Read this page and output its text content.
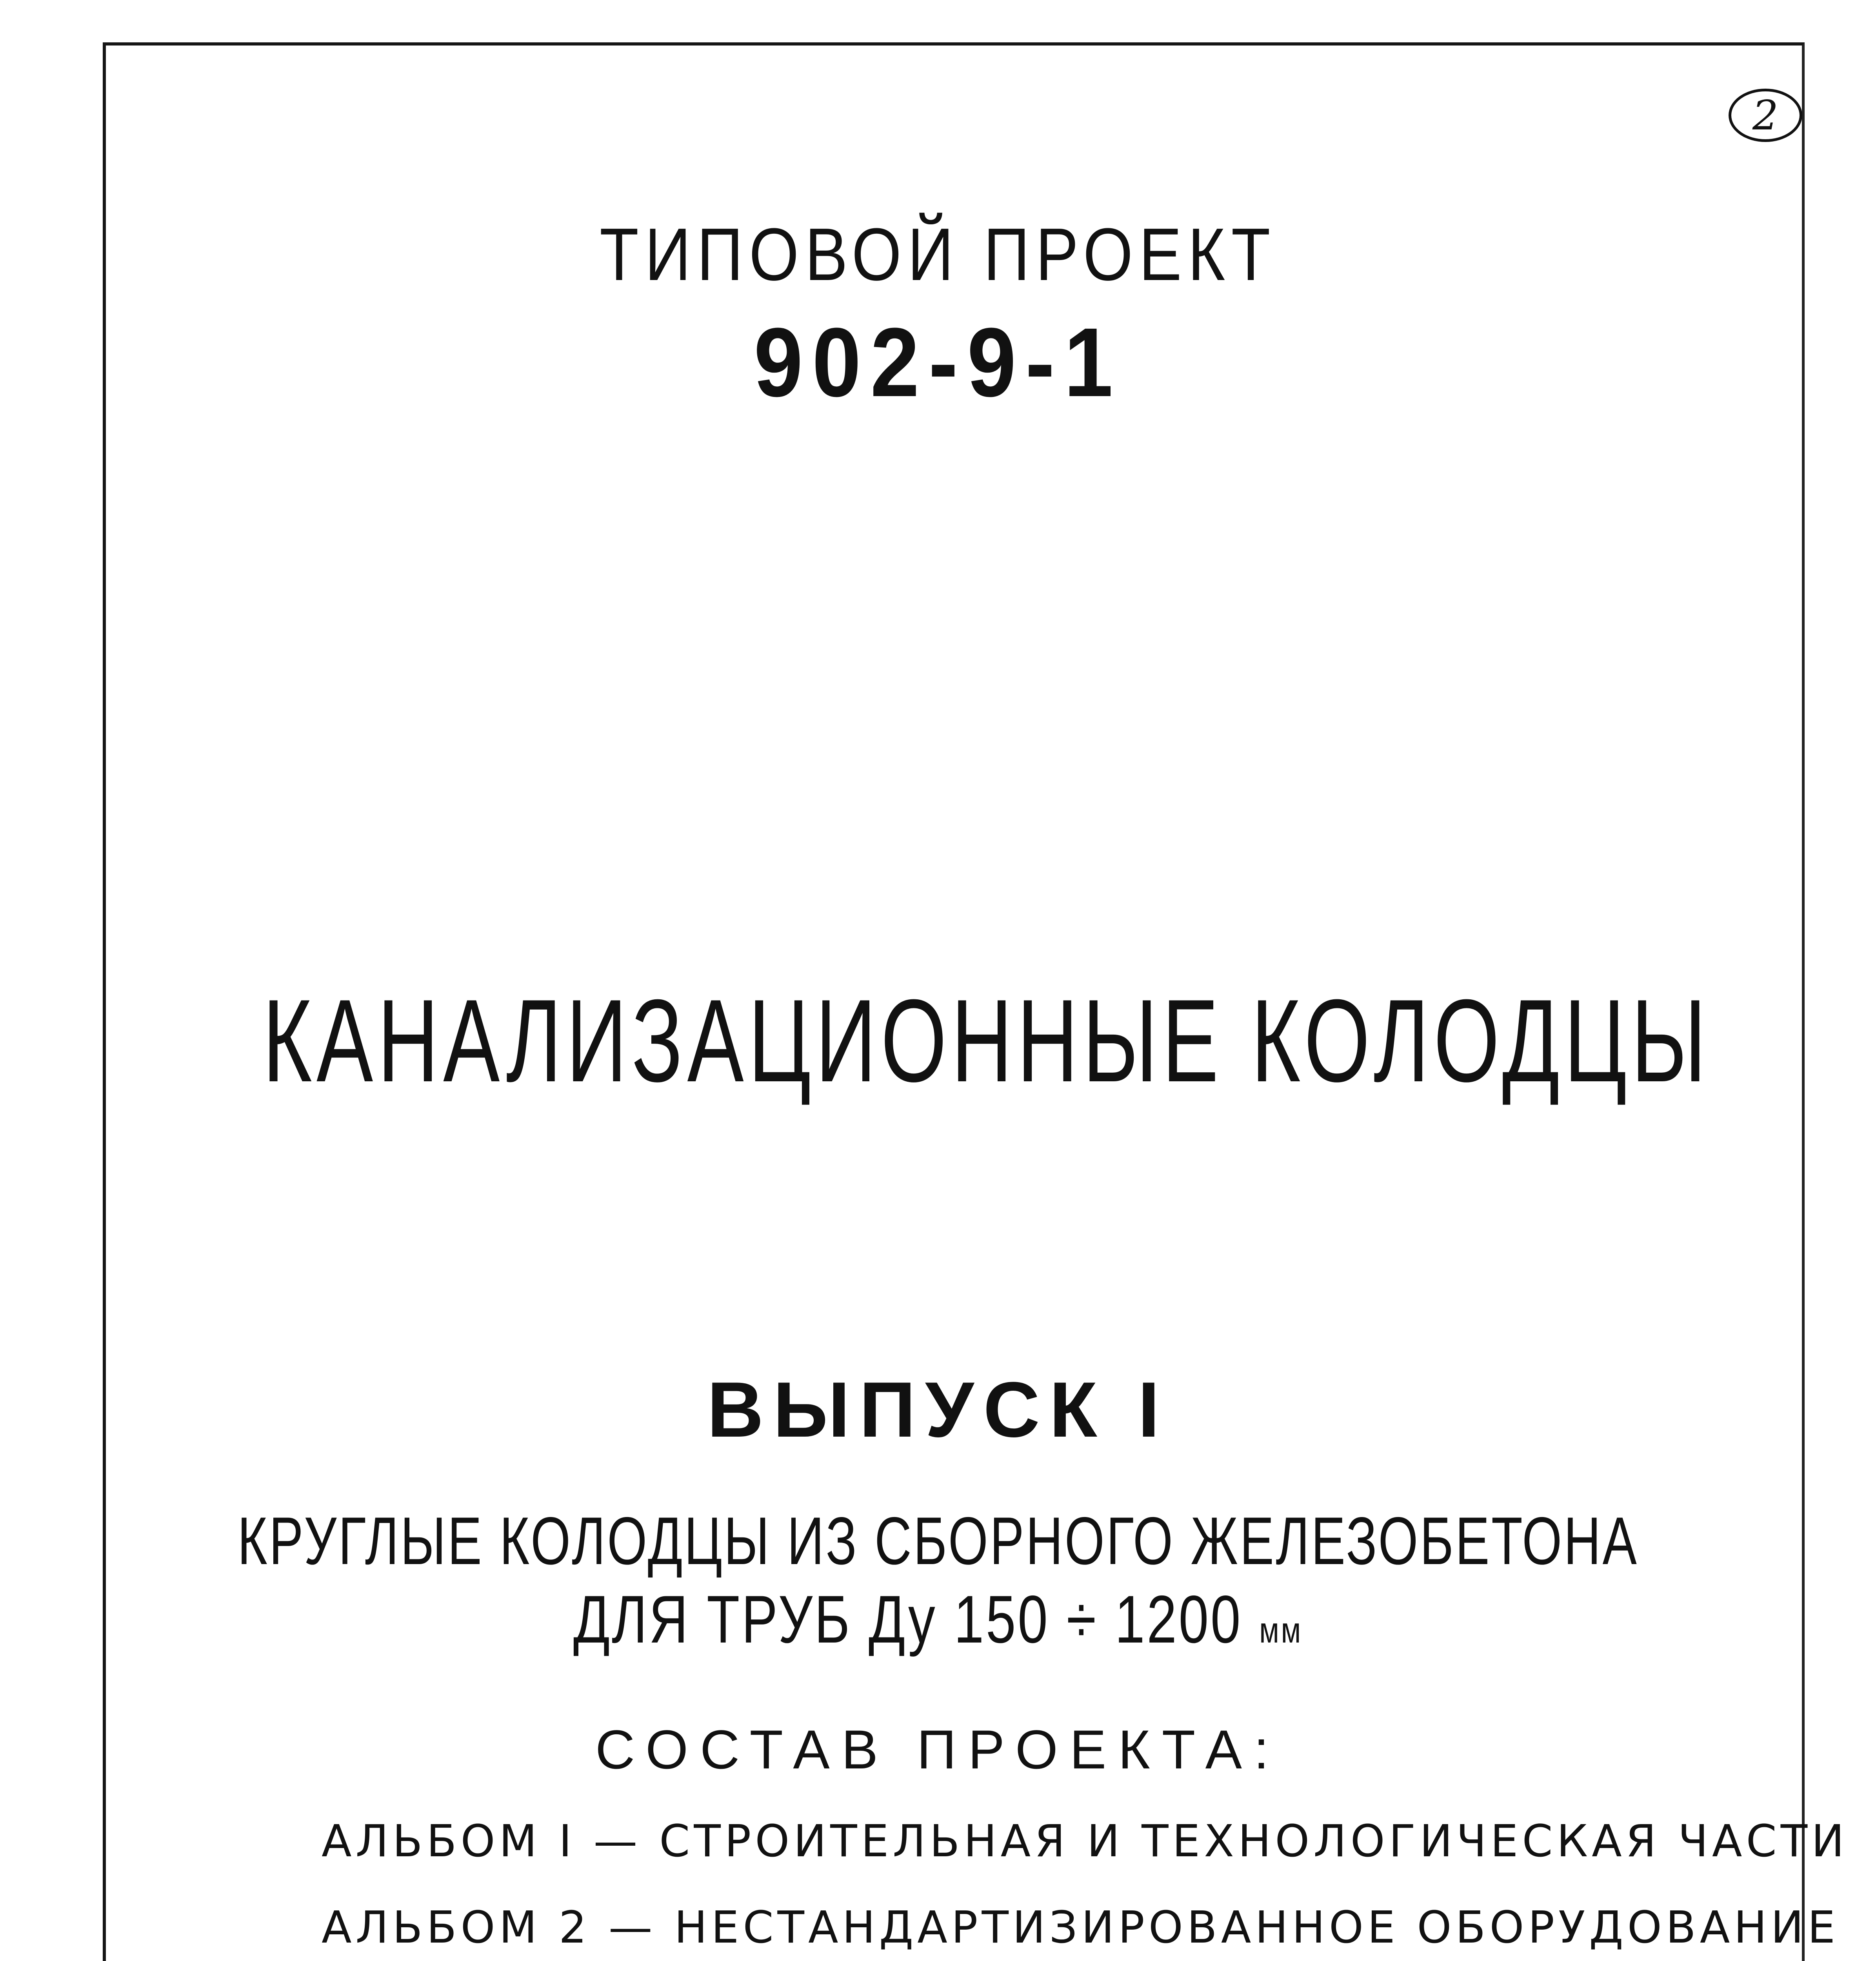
2

ТИПОВОЙ ПРОЕКТ

902-9-1

КАНАЛИЗАЦИОННЫЕ КОЛОДЦЫ

ВЫПУСК I

КРУГЛЫЕ КОЛОДЦЫ ИЗ СБОРНОГО ЖЕЛЕЗОБЕТОНА

ДЛЯ ТРУБ Ду 150 ÷ 1200 мм

СОСТАВ ПРОЕКТА:

АЛЬБОМ I — СТРОИТЕЛЬНАЯ И ТЕХНОЛОГИЧЕСКАЯ ЧАСТИ

АЛЬБОМ 2 — НЕСТАНДАРТИЗИРОВАННОЕ ОБОРУДОВАНИЕ
